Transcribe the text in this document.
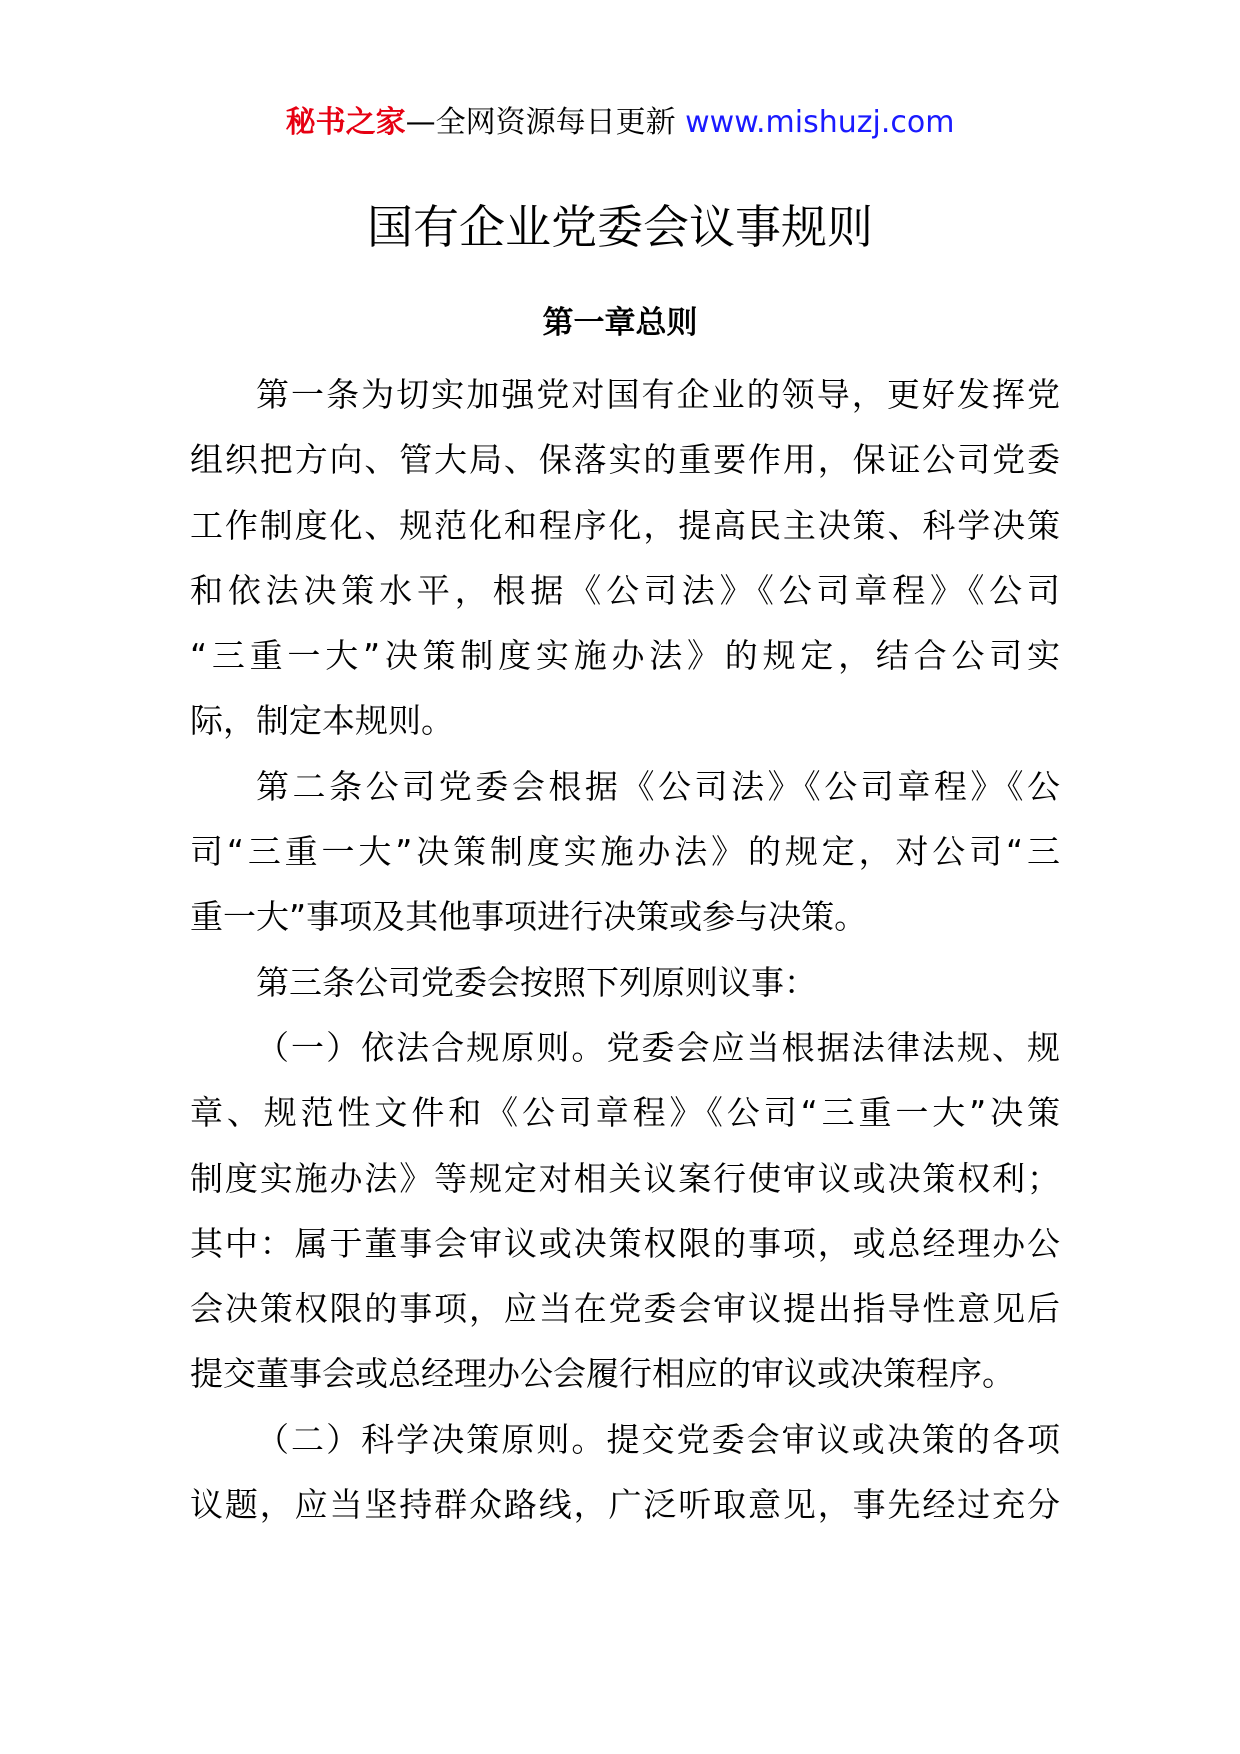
秘书之家—全网资源每日更新 www.mishuzj.com
国有企业党委会议事规则
第一章总则
第一条为切实加强党对国有企业的领导，更好发挥党
组织把方向、管大局、保落实的重要作用，保证公司党委
工作制度化、规范化和程序化，提高民主决策、科学决策
和依法决策水平，根据《公司法》《公司章程》《公司
“三重一大”决策制度实施办法》的规定，结合公司实
际，制定本规则。
第二条公司党委会根据《公司法》《公司章程》《公
司“三重一大”决策制度实施办法》的规定，对公司“三
重一大”事项及其他事项进行决策或参与决策。
第三条公司党委会按照下列原则议事：
（一）依法合规原则。党委会应当根据法律法规、规
章、规范性文件和《公司章程》《公司“三重一大”决策
制度实施办法》等规定对相关议案行使审议或决策权利；
其中：属于董事会审议或决策权限的事项，或总经理办公
会决策权限的事项，应当在党委会审议提出指导性意见后
提交董事会或总经理办公会履行相应的审议或决策程序。
（二）科学决策原则。提交党委会审议或决策的各项
议题，应当坚持群众路线，广泛听取意见，事先经过充分
